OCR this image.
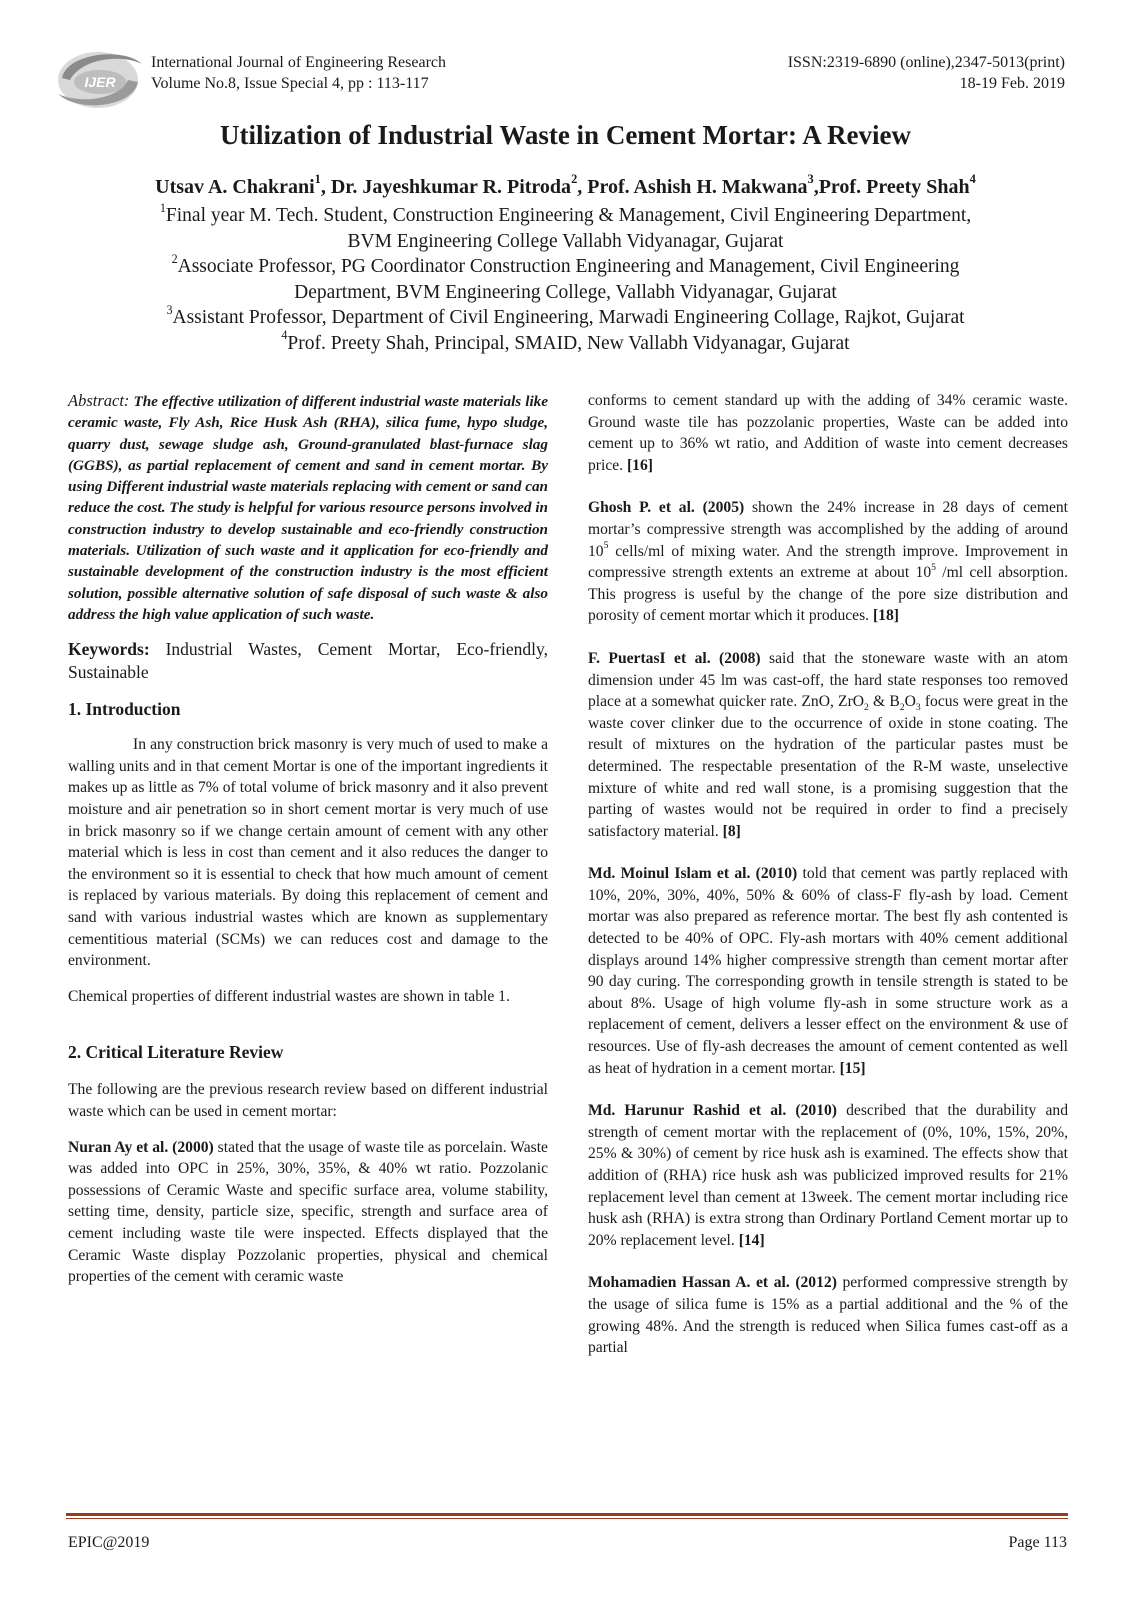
IJER
International Journal of Engineering Research
Volume No.8, Issue Special 4, pp : 113-117
ISSN:2319-6890 (online),2347-5013(print)
18-19 Feb. 2019
Utilization of Industrial Waste in Cement Mortar: A Review
Utsav A. Chakrani$^1$, Dr. Jayeshkumar R. Pitroda$^2$, Prof. Ashish H. Makwana$^3$,Prof. Preety Shah$^4$
$^1$Final year M. Tech. Student, Construction Engineering & Management, Civil Engineering Department,
BVM Engineering College Vallabh Vidyanagar, Gujarat
$^2$Associate Professor, PG Coordinator Construction Engineering and Management, Civil Engineering
Department, BVM Engineering College, Vallabh Vidyanagar, Gujarat
$^3$Assistant Professor, Department of Civil Engineering, Marwadi Engineering Collage, Rajkot, Gujarat
$^4$Prof. Preety Shah, Principal, SMAID, New Vallabh Vidyanagar, Gujarat

Abstract: The effective utilization of different industrial waste materials like ceramic waste, Fly Ash, Rice Husk Ash (RHA), silica fume, hypo sludge, quarry dust, sewage sludge ash, Ground-granulated blast-furnace slag (GGBS), as partial replacement of cement and sand in cement mortar. By using Different industrial waste materials replacing with cement or sand can reduce the cost. The study is helpful for various resource persons involved in construction industry to develop sustainable and eco-friendly construction materials. Utilization of such waste and it application for eco-friendly and sustainable development of the construction industry is the most efficient solution, possible alternative solution of safe disposal of such waste & also address the high value application of such waste.

Keywords: Industrial Wastes, Cement Mortar, Eco-friendly, Sustainable

1. Introduction

In any construction brick masonry is very much of used to make a walling units and in that cement Mortar is one of the important ingredients it makes up as little as 7% of total volume of brick masonry and it also prevent moisture and air penetration so in short cement mortar is very much of use in brick masonry so if we change certain amount of cement with any other material which is less in cost than cement and it also reduces the danger to the environment so it is essential to check that how much amount of cement is replaced by various materials. By doing this replacement of cement and sand with various industrial wastes which are known as supplementary cementitious material (SCMs) we can reduces cost and damage to the environment.

Chemical properties of different industrial wastes are shown in table 1.

2. Critical Literature Review

The following are the previous research review based on different industrial waste which can be used in cement mortar:

Nuran Ay et al. (2000) stated that the usage of waste tile as porcelain. Waste was added into OPC in 25%, 30%, 35%, & 40% wt ratio. Pozzolanic possessions of Ceramic Waste and specific surface area, volume stability, setting time, density, particle size, specific, strength and surface area of cement including waste tile were inspected. Effects displayed that the Ceramic Waste display Pozzolanic properties, physical and chemical properties of the cement with ceramic waste

conforms to cement standard up with the adding of 34% ceramic waste. Ground waste tile has pozzolanic properties, Waste can be added into cement up to 36% wt ratio, and Addition of waste into cement decreases price. [16]

Ghosh P. et al. (2005) shown the 24% increase in 28 days of cement mortar’s compressive strength was accomplished by the adding of around $10^5$ cells/ml of mixing water. And the strength improve. Improvement in compressive strength extents an extreme at about $10^5$ /ml cell absorption. This progress is useful by the change of the pore size distribution and porosity of cement mortar which it produces. [18]

F. PuertasI et al. (2008) said that the stoneware waste with an atom dimension under 45 lm was cast-off, the hard state responses too removed place at a somewhat quicker rate. ZnO, ZrO$_2$ & $B_2O_3$ focus were great in the waste cover clinker due to the occurrence of oxide in stone coating. The result of mixtures on the hydration of the particular pastes must be determined. The respectable presentation of the R-M waste, unselective mixture of white and red wall stone, is a promising suggestion that the parting of wastes would not be required in order to find a precisely satisfactory material. [8]

Md. Moinul Islam et al. (2010) told that cement was partly replaced with 10%, 20%, 30%, 40%, 50% & 60% of class-F fly-ash by load. Cement mortar was also prepared as reference mortar. The best fly ash contented is detected to be 40% of OPC. Fly-ash mortars with 40% cement additional displays around 14% higher compressive strength than cement mortar after 90 day curing. The corresponding growth in tensile strength is stated to be about 8%. Usage of high volume fly-ash in some structure work as a replacement of cement, delivers a lesser effect on the environment & use of resources. Use of fly-ash decreases the amount of cement contented as well as heat of hydration in a cement mortar. [15]

Md. Harunur Rashid et al. (2010) described that the durability and strength of cement mortar with the replacement of (0%, 10%, 15%, 20%, 25% & 30%) of cement by rice husk ash is examined. The effects show that addition of (RHA) rice husk ash was publicized improved results for 21% replacement level than cement at 13week. The cement mortar including rice husk ash (RHA) is extra strong than Ordinary Portland Cement mortar up to 20% replacement level. [14]

Mohamadien Hassan A. et al. (2012) performed compressive strength by the usage of silica fume is 15% as a partial additional and the % of the growing 48%. And the strength is reduced when Silica fumes cast-off as a partial

EPIC@2019	Page 113
